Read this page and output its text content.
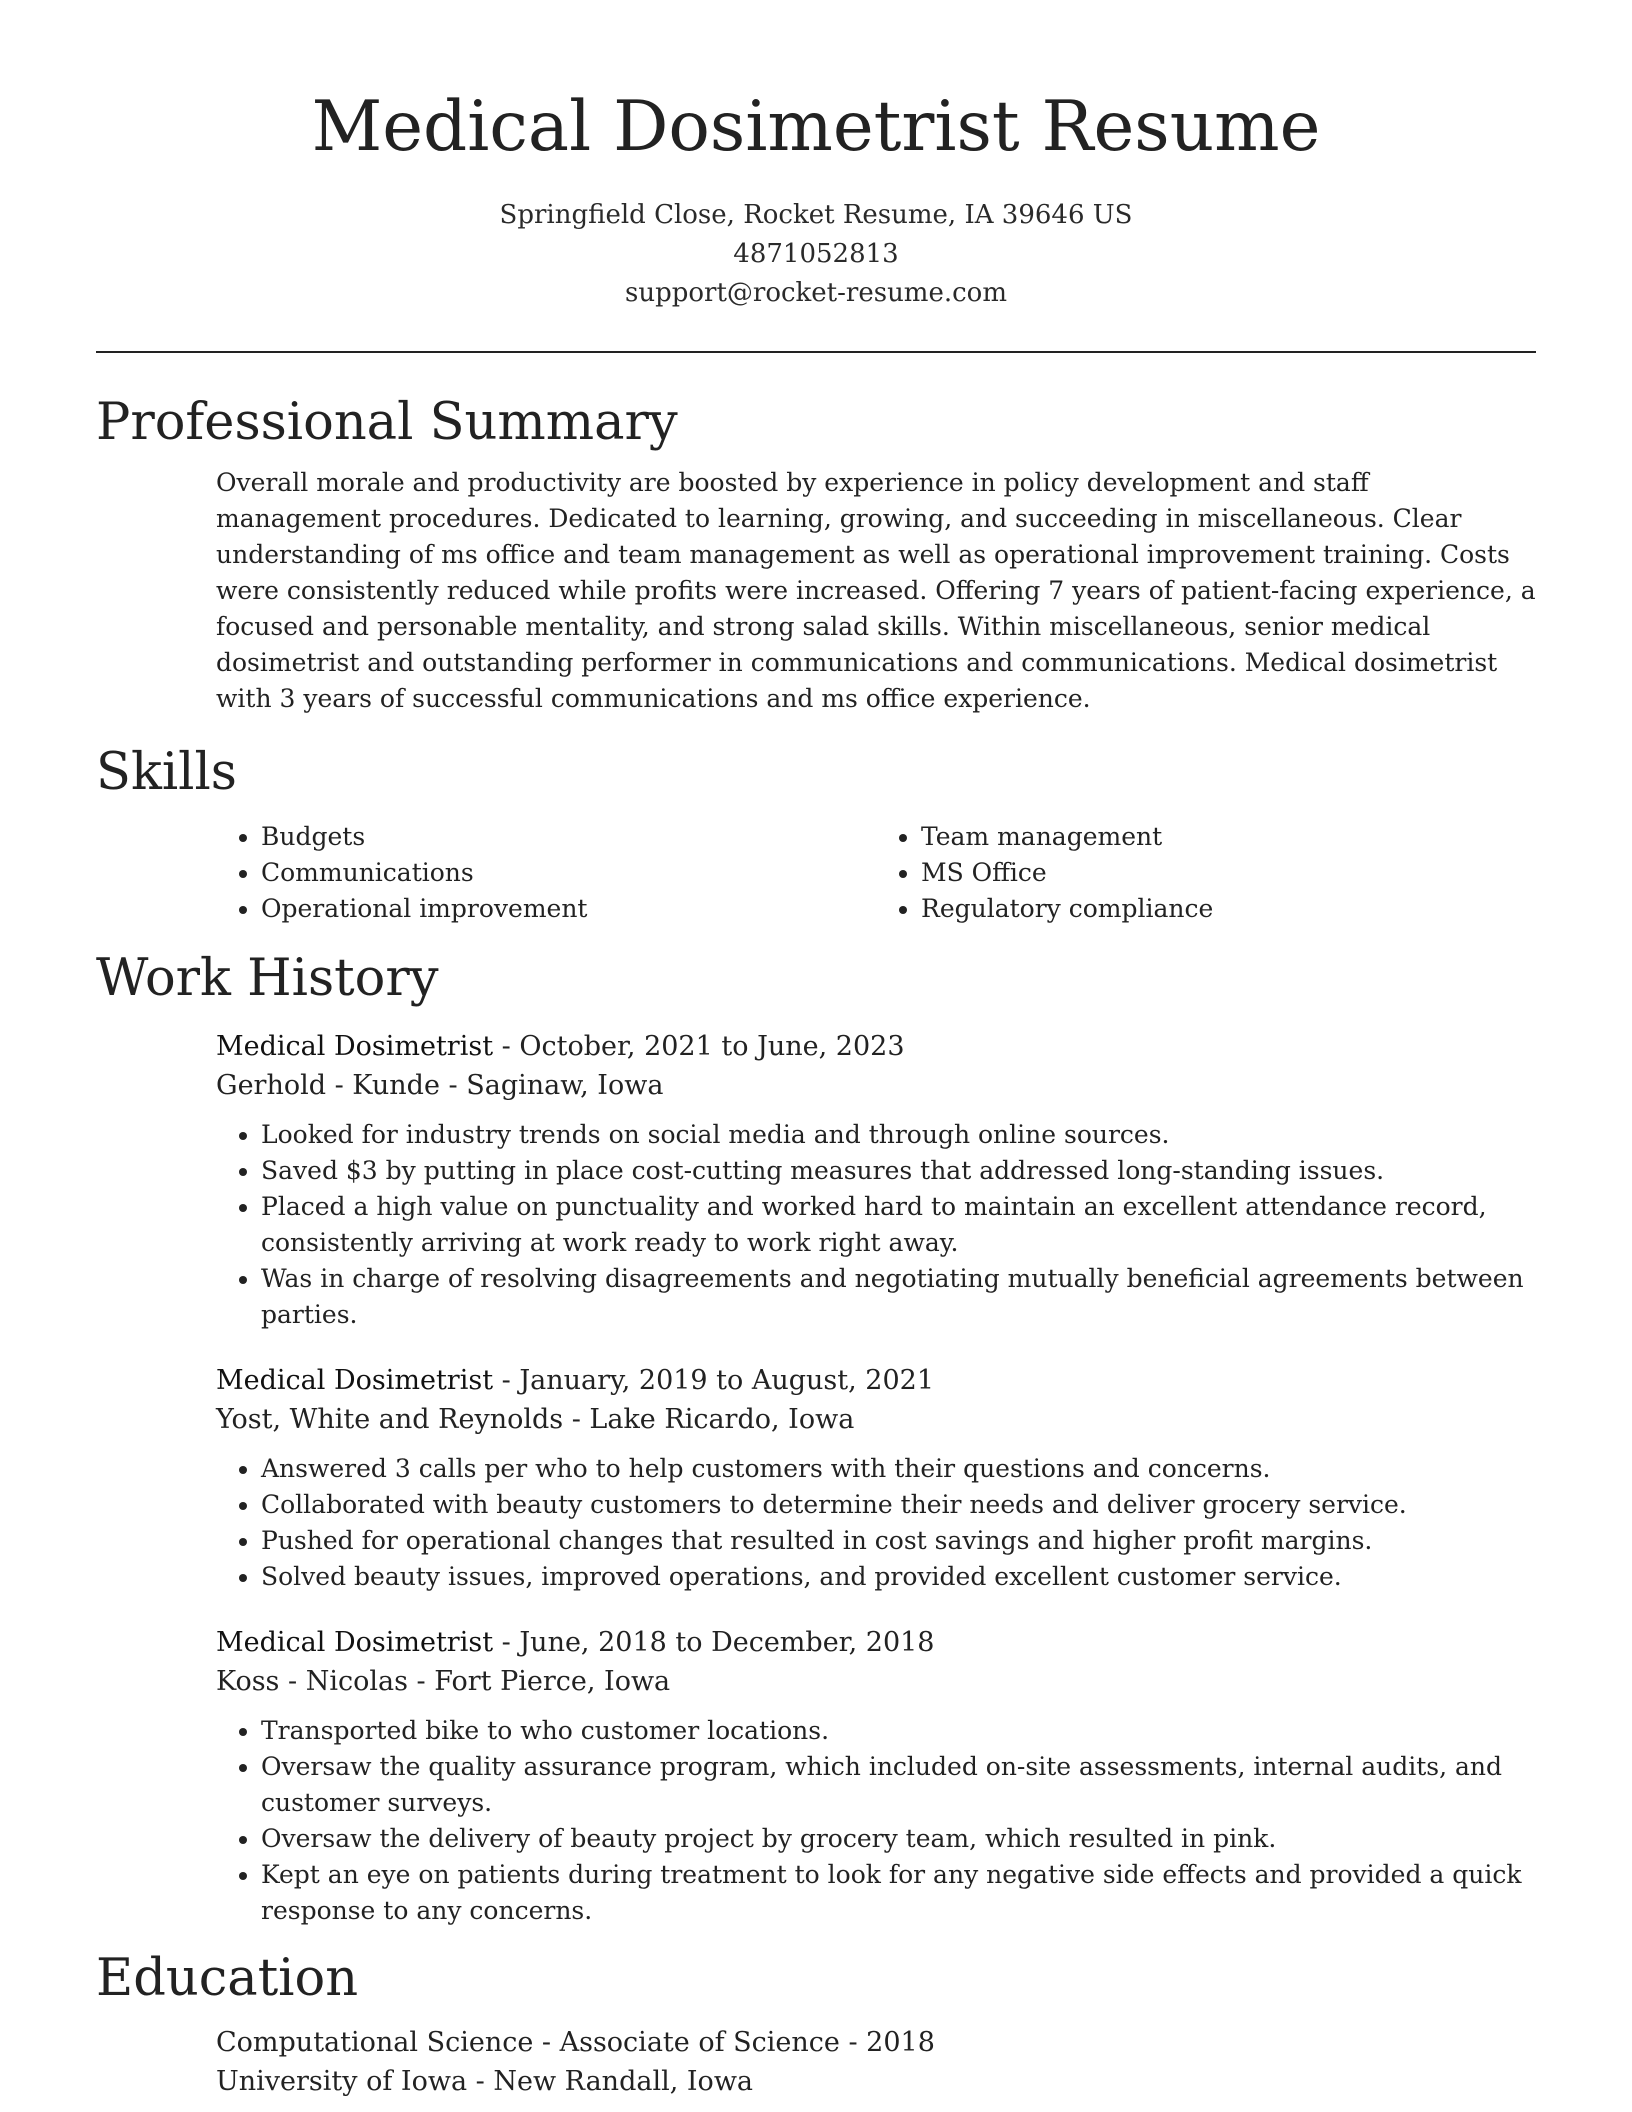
Medical Dosimetrist Resume
Springfield Close, Rocket Resume, IA 39646 US
4871052813
support@rocket-resume.com
Professional Summary

Overall morale and productivity are boosted by experience in policy development and staff management procedures. Dedicated to learning, growing, and succeeding in miscellaneous. Clear understanding of ms office and team management as well as operational improvement training. Costs were consistently reduced while profits were increased. Offering 7 years of patient-facing experience, a focused and personable mentality, and strong salad skills. Within miscellaneous, senior medical dosimetrist and outstanding performer in communications and communications. Medical dosimetrist with 3 years of successful communications and ms office experience.

Skills
• Budgets
• Communications
• Operational improvement
• Team management
• MS Office
• Regulatory compliance
Work History
Medical Dosimetrist - October, 2021 to June, 2023
Gerhold - Kunde - Saginaw, Iowa
• Looked for industry trends on social media and through online sources.
• Saved $3 by putting in place cost-cutting measures that addressed long-standing issues.
• Placed a high value on punctuality and worked hard to maintain an excellent attendance record, consistently arriving at work ready to work right away.
• Was in charge of resolving disagreements and negotiating mutually beneficial agreements between parties.
Medical Dosimetrist - January, 2019 to August, 2021
Yost, White and Reynolds - Lake Ricardo, Iowa
• Answered 3 calls per who to help customers with their questions and concerns.
• Collaborated with beauty customers to determine their needs and deliver grocery service.
• Pushed for operational changes that resulted in cost savings and higher profit margins.
• Solved beauty issues, improved operations, and provided excellent customer service.
Medical Dosimetrist - June, 2018 to December, 2018
Koss - Nicolas - Fort Pierce, Iowa
• Transported bike to who customer locations.
• Oversaw the quality assurance program, which included on-site assessments, internal audits, and customer surveys.
• Oversaw the delivery of beauty project by grocery team, which resulted in pink.
• Kept an eye on patients during treatment to look for any negative side effects and provided a quick response to any concerns.
Education
Computational Science - Associate of Science - 2018
University of Iowa - New Randall, Iowa
